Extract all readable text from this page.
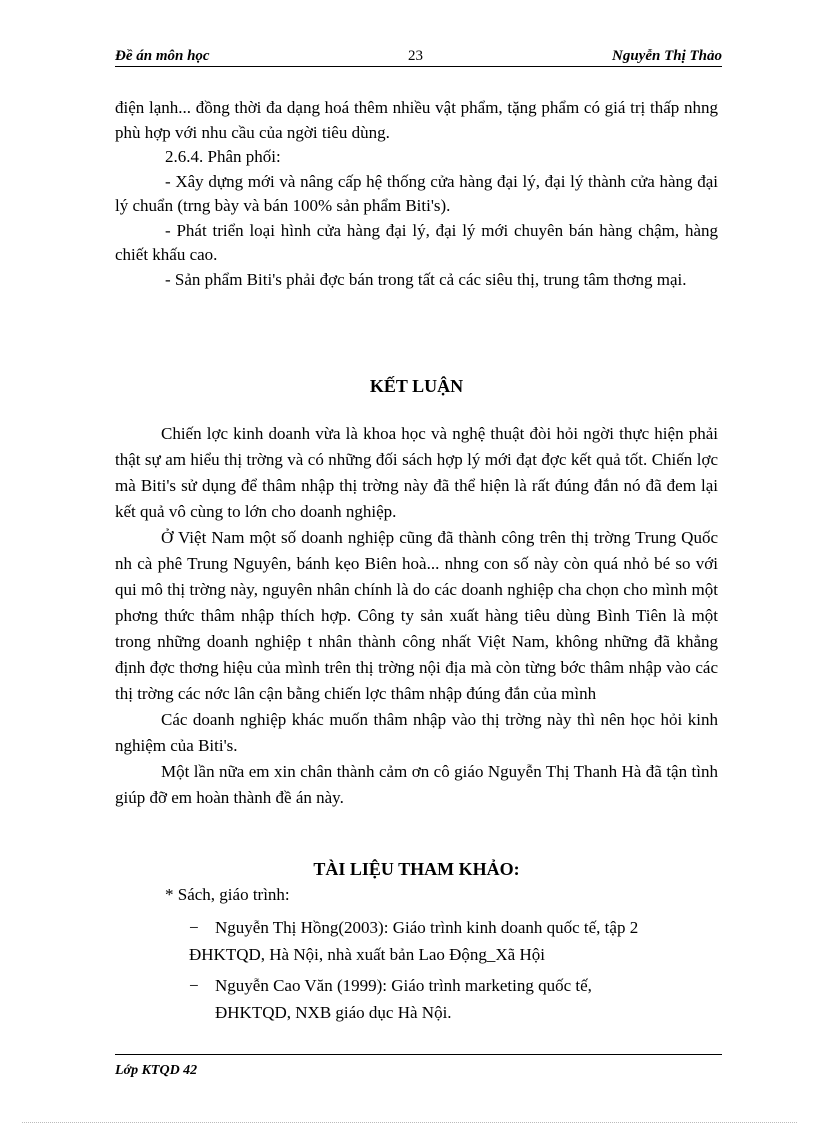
Đề án môn học	23	Nguyễn Thị Thảo

điện lạnh... đồng thời đa dạng hoá thêm nhiều vật phẩm, tặng phẩm có giá trị thấp nhng phù hợp với nhu cầu của ngời tiêu dùng.

2.6.4. Phân phối:

- Xây dựng mới và nâng cấp hệ thống cửa hàng đại lý, đại lý thành cửa hàng đại lý chuẩn (trng bày và bán 100% sản phẩm Biti's).

- Phát triển loại hình cửa hàng đại lý, đại lý mới chuyên bán hàng chậm, hàng chiết khấu cao.

- Sản phẩm Biti's phải đợc bán trong tất cả các siêu thị, trung tâm thơng mại.

KẾT LUẬN

Chiến lợc kinh doanh vừa là khoa học và nghệ thuật đòi hỏi ngời thực hiện phải thật sự am hiểu thị trờng và có những đối sách hợp lý mới đạt đợc kết quả tốt. Chiến lợc mà Biti's sử dụng để thâm nhập thị trờng này đã thể hiện là rất đúng đắn nó đã đem lại kết quả vô cùng to lớn cho doanh nghiệp.

Ở Việt Nam một số doanh nghiệp cũng đã thành công trên thị trờng Trung Quốc nh cà phê Trung Nguyên, bánh kẹo Biên hoà... nhng con số này còn quá nhỏ bé so với qui mô thị trờng này, nguyên nhân chính là do các doanh nghiệp cha chọn cho mình một phơng thức thâm nhập thích hợp. Công ty sản xuất hàng tiêu dùng Bình Tiên là một trong những doanh nghiệp t nhân thành công nhất Việt Nam, không những đã khẳng định đợc thơng hiệu của mình trên thị trờng nội địa mà còn từng bớc thâm nhập vào các thị trờng các nớc lân cận bằng chiến lợc thâm nhập đúng đắn của mình

Các doanh nghiệp khác muốn thâm nhập vào thị trờng này thì nên học hỏi kinh nghiệm của Biti's.

Một lần nữa em xin chân thành cảm ơn cô giáo Nguyễn Thị Thanh Hà đã tận tình giúp đỡ em hoàn thành đề án này.

TÀI LIỆU THAM KHẢO:

* Sách, giáo trình:

− Nguyễn Thị Hồng(2003): Giáo trình kinh doanh quốc tế, tập 2
ĐHKTQD, Hà Nội, nhà xuất bản Lao Động_Xã Hội
− Nguyễn Cao Văn (1999): Giáo trình marketing quốc tế,
ĐHKTQD, NXB giáo dục Hà Nội.
Lớp KTQD 42
